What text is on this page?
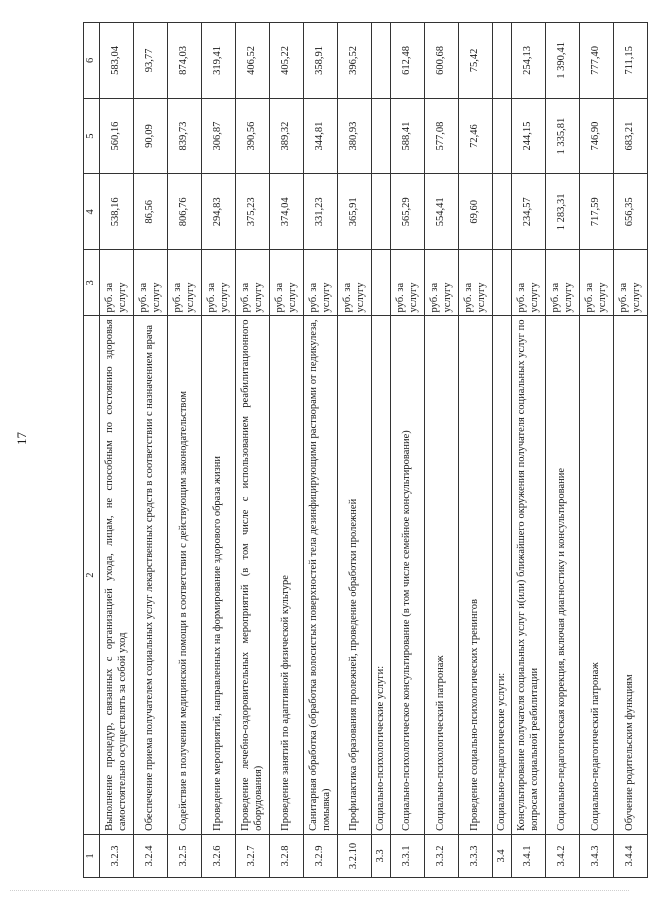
17
1	2	3	4	5	6
3.2.3	Выполнение процедур, связанных с организацией ухода, лицам, не способным по состоянию здоровья самостоятельно осуществлять за собой уход	руб. за услугу	538,16	560,16	583,04
3.2.4	Обеспечение приема получателем социальных услуг лекарственных средств в соответствии с назначением врача	руб. за услугу	86,56	90,09	93,77
3.2.5	Содействие в получении медицинской помощи в соответствии с действующим законодательством	руб. за услугу	806,76	839,73	874,03
3.2.6	Проведение мероприятий, направленных на формирование здорового образа жизни	руб. за услугу	294,83	306,87	319,41
3.2.7	Проведение лечебно-оздоровительных мероприятий (в том числе с использованием реабилитационного оборудования)	руб. за услугу	375,23	390,56	406,52
3.2.8	Проведение занятий по адаптивной физической культуре	руб. за услугу	374,04	389,32	405,22
3.2.9	Санитарная обработка (обработка волосистых поверхностей тела дезинфицирующими растворами от педикулеза, помывка)	руб. за услугу	331,23	344,81	358,91
3.2.10	Профилактика образования пролежней, проведение обработки пролежней	руб. за услугу	365,91	380,93	396,52
3.3	Социально-психологические услуги:				
3.3.1	Социально-психологическое консультирование (в том числе семейное консультирование)	руб. за услугу	565,29	588,41	612,48
3.3.2	Социально-психологический патронаж	руб. за услугу	554,41	577,08	600,68
3.3.3	Проведение социально-психологических тренингов	руб. за услугу	69,60	72,46	75,42
3.4	Социально-педагогические услуги:				
3.4.1	Консультирование получателя социальных услуг и(или) ближайшего окружения получателя социальных услуг по вопросам социальной реабилитации	руб. за услугу	234,57	244,15	254,13
3.4.2	Социально-педагогическая коррекция, включая диагностику и консультирование	руб. за услугу	1 283,31	1 335,81	1 390,41
3.4.3	Социально-педагогический патронаж	руб. за услугу	717,59	746,90	777,40
3.4.4	Обучение родительским функциям	руб. за услугу	656,35	683,21	711,15
